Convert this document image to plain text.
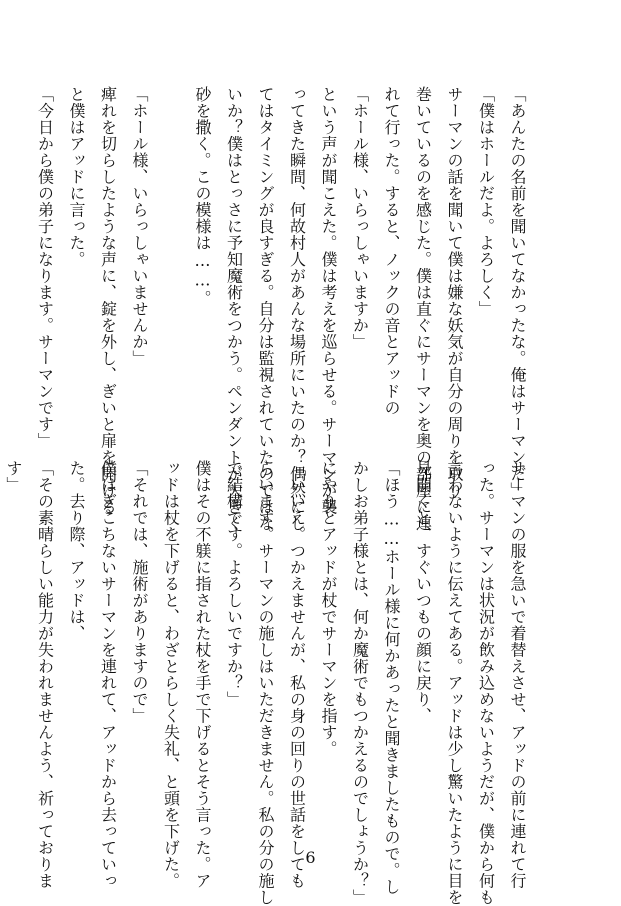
「あんたの名前を聞いてなかったな。俺はサーマンだ」

「僕はホールだよ。よろしく」

サーマンの話を聞いて僕は嫌な妖気が自分の周りを取り

巻いているのを感じた。僕は直ぐにサーマンを奥の部屋に連

れて行った。すると、ノックの音とアッドの

「ホール様、いらっしゃいますか」

という声が聞こえた。僕は考えを巡らせる。サーマンが襲

ってきた瞬間、何故村人があんな場所にいたのか？偶然にし

てはタイミングが良すぎる。自分は監視されていたのではな

いか？僕はとっさに予知魔術をつかう。ペンダントが大きく

砂を撒く。この模様は……。

「ホール様、いらっしゃいませんか」

痺れを切らしたような声に、錠を外し、ぎいと扉を開ける

と僕はアッドに言った。

「今日から僕の弟子になります。サーマンです」

サーマンの服を急いで着替えさせ、アッドの前に連れて行

った。サーマンは状況が飲み込めないようだが、僕から何も

言わないように伝えてある。アッドは少し驚いたように目を

見開くと、すぐいつもの顔に戻り、

「ほう……ホール様に何かあったと聞きましたもので。し

かしお弟子様とは、何か魔術でもつかえるのでしょうか？」

にやりとアッドが杖でサーマンを指す。

「いいえ。つかえませんが、私の身の回りの世話をしても

らいます。サーマンの施しはいただきません。私の分の施し

で結構です。よろしいですか？」

僕はその不躾に指された杖を手で下げるとそう言った。ア

ッドは杖を下げると、わざとらしく失礼、と頭を下げた。

「それでは、施術がありますので」

僕はぎこちないサーマンを連れて、アッドから去っていっ

た。去り際、アッドは、

「その素晴らしい能力が失われませんよう、祈っておりま

す」

6
